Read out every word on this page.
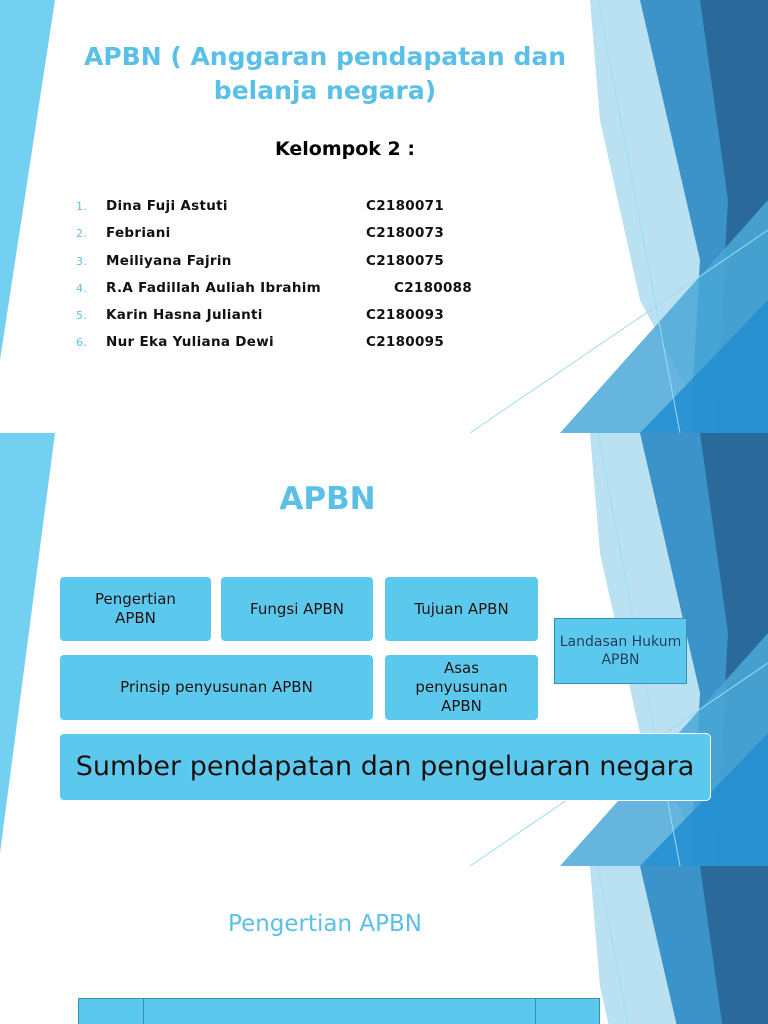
APBN ( Anggaran pendapatan dan belanja negara)
Kelompok 2 :
1. Dina Fuji Astuti	C2180071
2. Febriani	C2180073
3. Meiliyana Fajrin	C2180075
4. R.A Fadillah Auliah Ibrahim	C2180088
5. Karin Hasna Julianti	C2180093
6. Nur Eka Yuliana Dewi	C2180095
APBN
Pengertian APBN
Fungsi APBN	Tujuan APBN
Landasan Hukum APBN
Prinsip penyusunan APBN
Asas penyusunan APBN
Sumber pendapatan dan pengeluaran negara
Pengertian APBN
